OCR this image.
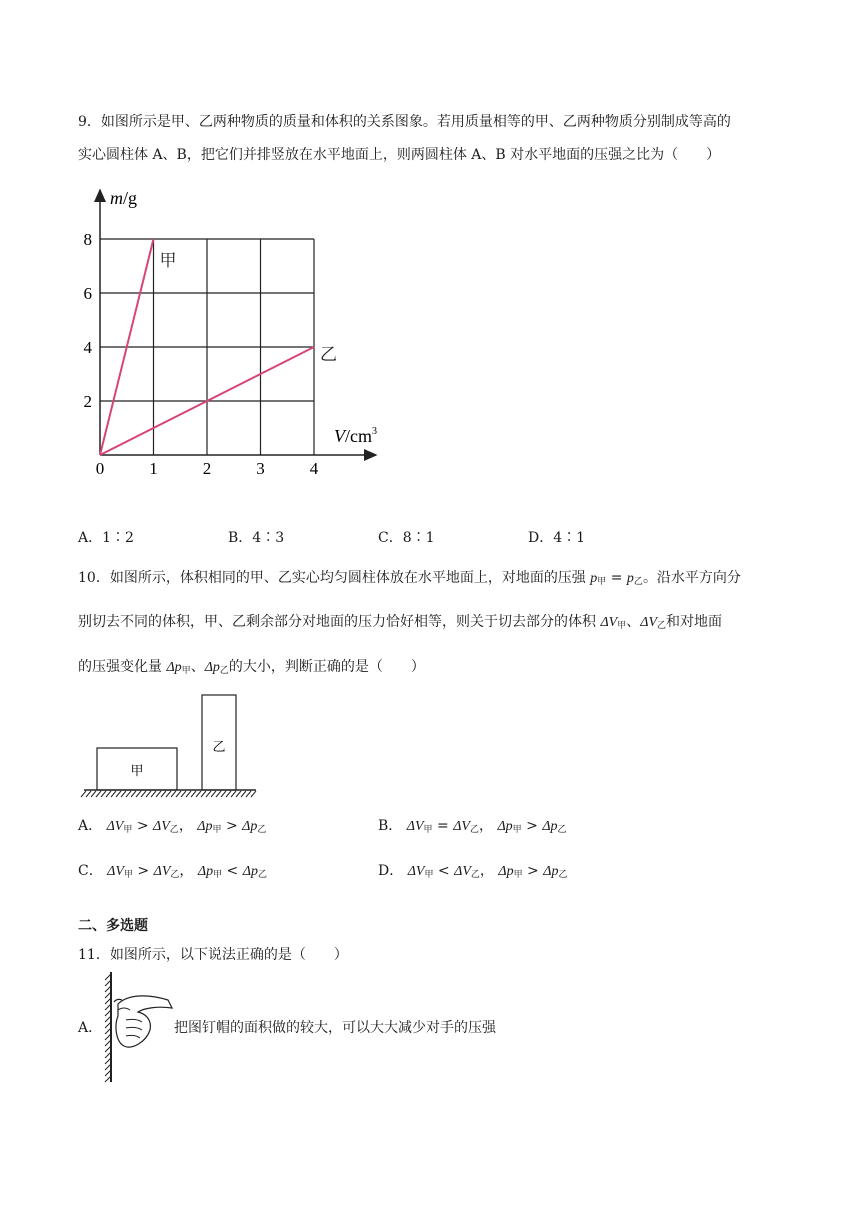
9．如图所示是甲、乙两种物质的质量和体积的关系图象。若用质量相等的甲、乙两种物质分别制成等高的
实心圆柱体 A、B，把它们并排竖放在水平地面上，则两圆柱体 A、B 对水平地面的压强之比为（　　）
甲
乙
0	1	2	3	4
2
4
6
8
m/g
$V/cm^3$
A．1∶2	B．4∶3	C．8∶1	D．4∶1
10．如图所示，体积相同的甲、乙实心均匀圆柱体放在水平地面上，对地面的压强 $p_甲 = p_乙$。沿水平方向分
别切去不同的体积，甲、乙剩余部分对地面的压力恰好相等，则关于切去部分的体积 $\Delta V_甲$、$\Delta V_乙$和对地面
的压强变化量 $\Delta p_甲$、$\Delta p_乙$的大小，判断正确的是（　　）
甲
乙
A． $\Delta V_甲 > \Delta V_乙$， $\Delta p_甲 > \Delta p_乙$	B． $\Delta V_甲 = \Delta V_乙$， $\Delta p_甲 > \Delta p_乙$
C． $\Delta V_甲 > \Delta V_乙$， $\Delta p_甲 < \Delta p_乙$	D． $\Delta V_甲 < \Delta V_乙$， $\Delta p_甲 > \Delta p_乙$
二、多选题
11．如图所示，以下说法正确的是（　　）
A．	把图钉帽的面积做的较大，可以大大减少对手的压强
